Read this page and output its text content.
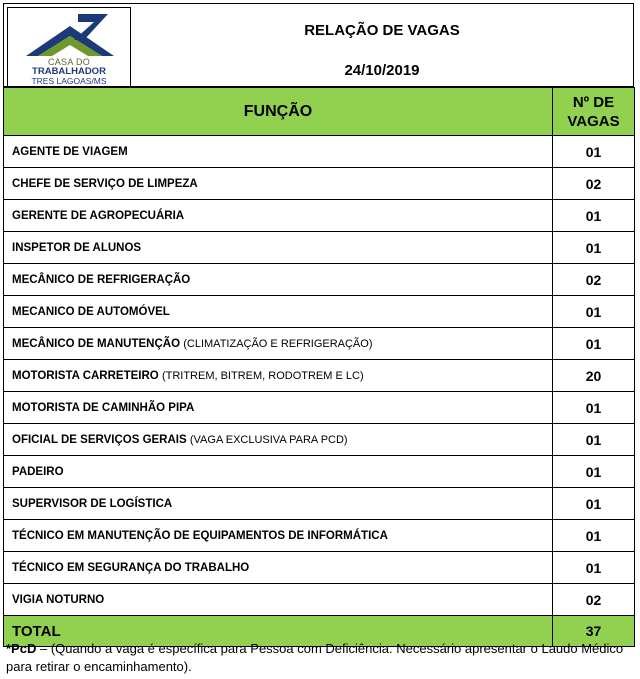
CASA DO
TRABALHADOR
TRES LAGOAS/MS
RELAÇÃO DE VAGAS
24/10/2019
FUNÇÃO	Nº DE
VAGAS
AGENTE DE VIAGEM	01
CHEFE DE SERVIÇO DE LIMPEZA	02
GERENTE DE AGROPECUÁRIA	01
INSPETOR DE ALUNOS	01
MECÂNICO DE REFRIGERAÇÃO	02
MECANICO DE AUTOMÓVEL	01
MECÂNICO DE MANUTENÇÃO (CLIMATIZAÇÃO E REFRIGERAÇÃO)	01
MOTORISTA CARRETEIRO (TRITREM, BITREM, RODOTREM E LC)	20
MOTORISTA DE CAMINHÃO PIPA	01
OFICIAL DE SERVIÇOS GERAIS (VAGA EXCLUSIVA PARA PCD)	01
PADEIRO	01
SUPERVISOR DE LOGÍSTICA	01
TÉCNICO EM MANUTENÇÃO DE EQUIPAMENTOS DE INFORMÁTICA	01
TÉCNICO EM SEGURANÇA DO TRABALHO	01
VIGIA NOTURNO	02
TOTAL	37
*PcD – (Quando a vaga é específica para Pessoa com Deficiência. Necessário apresentar o Laudo Médico para retirar o encaminhamento).
